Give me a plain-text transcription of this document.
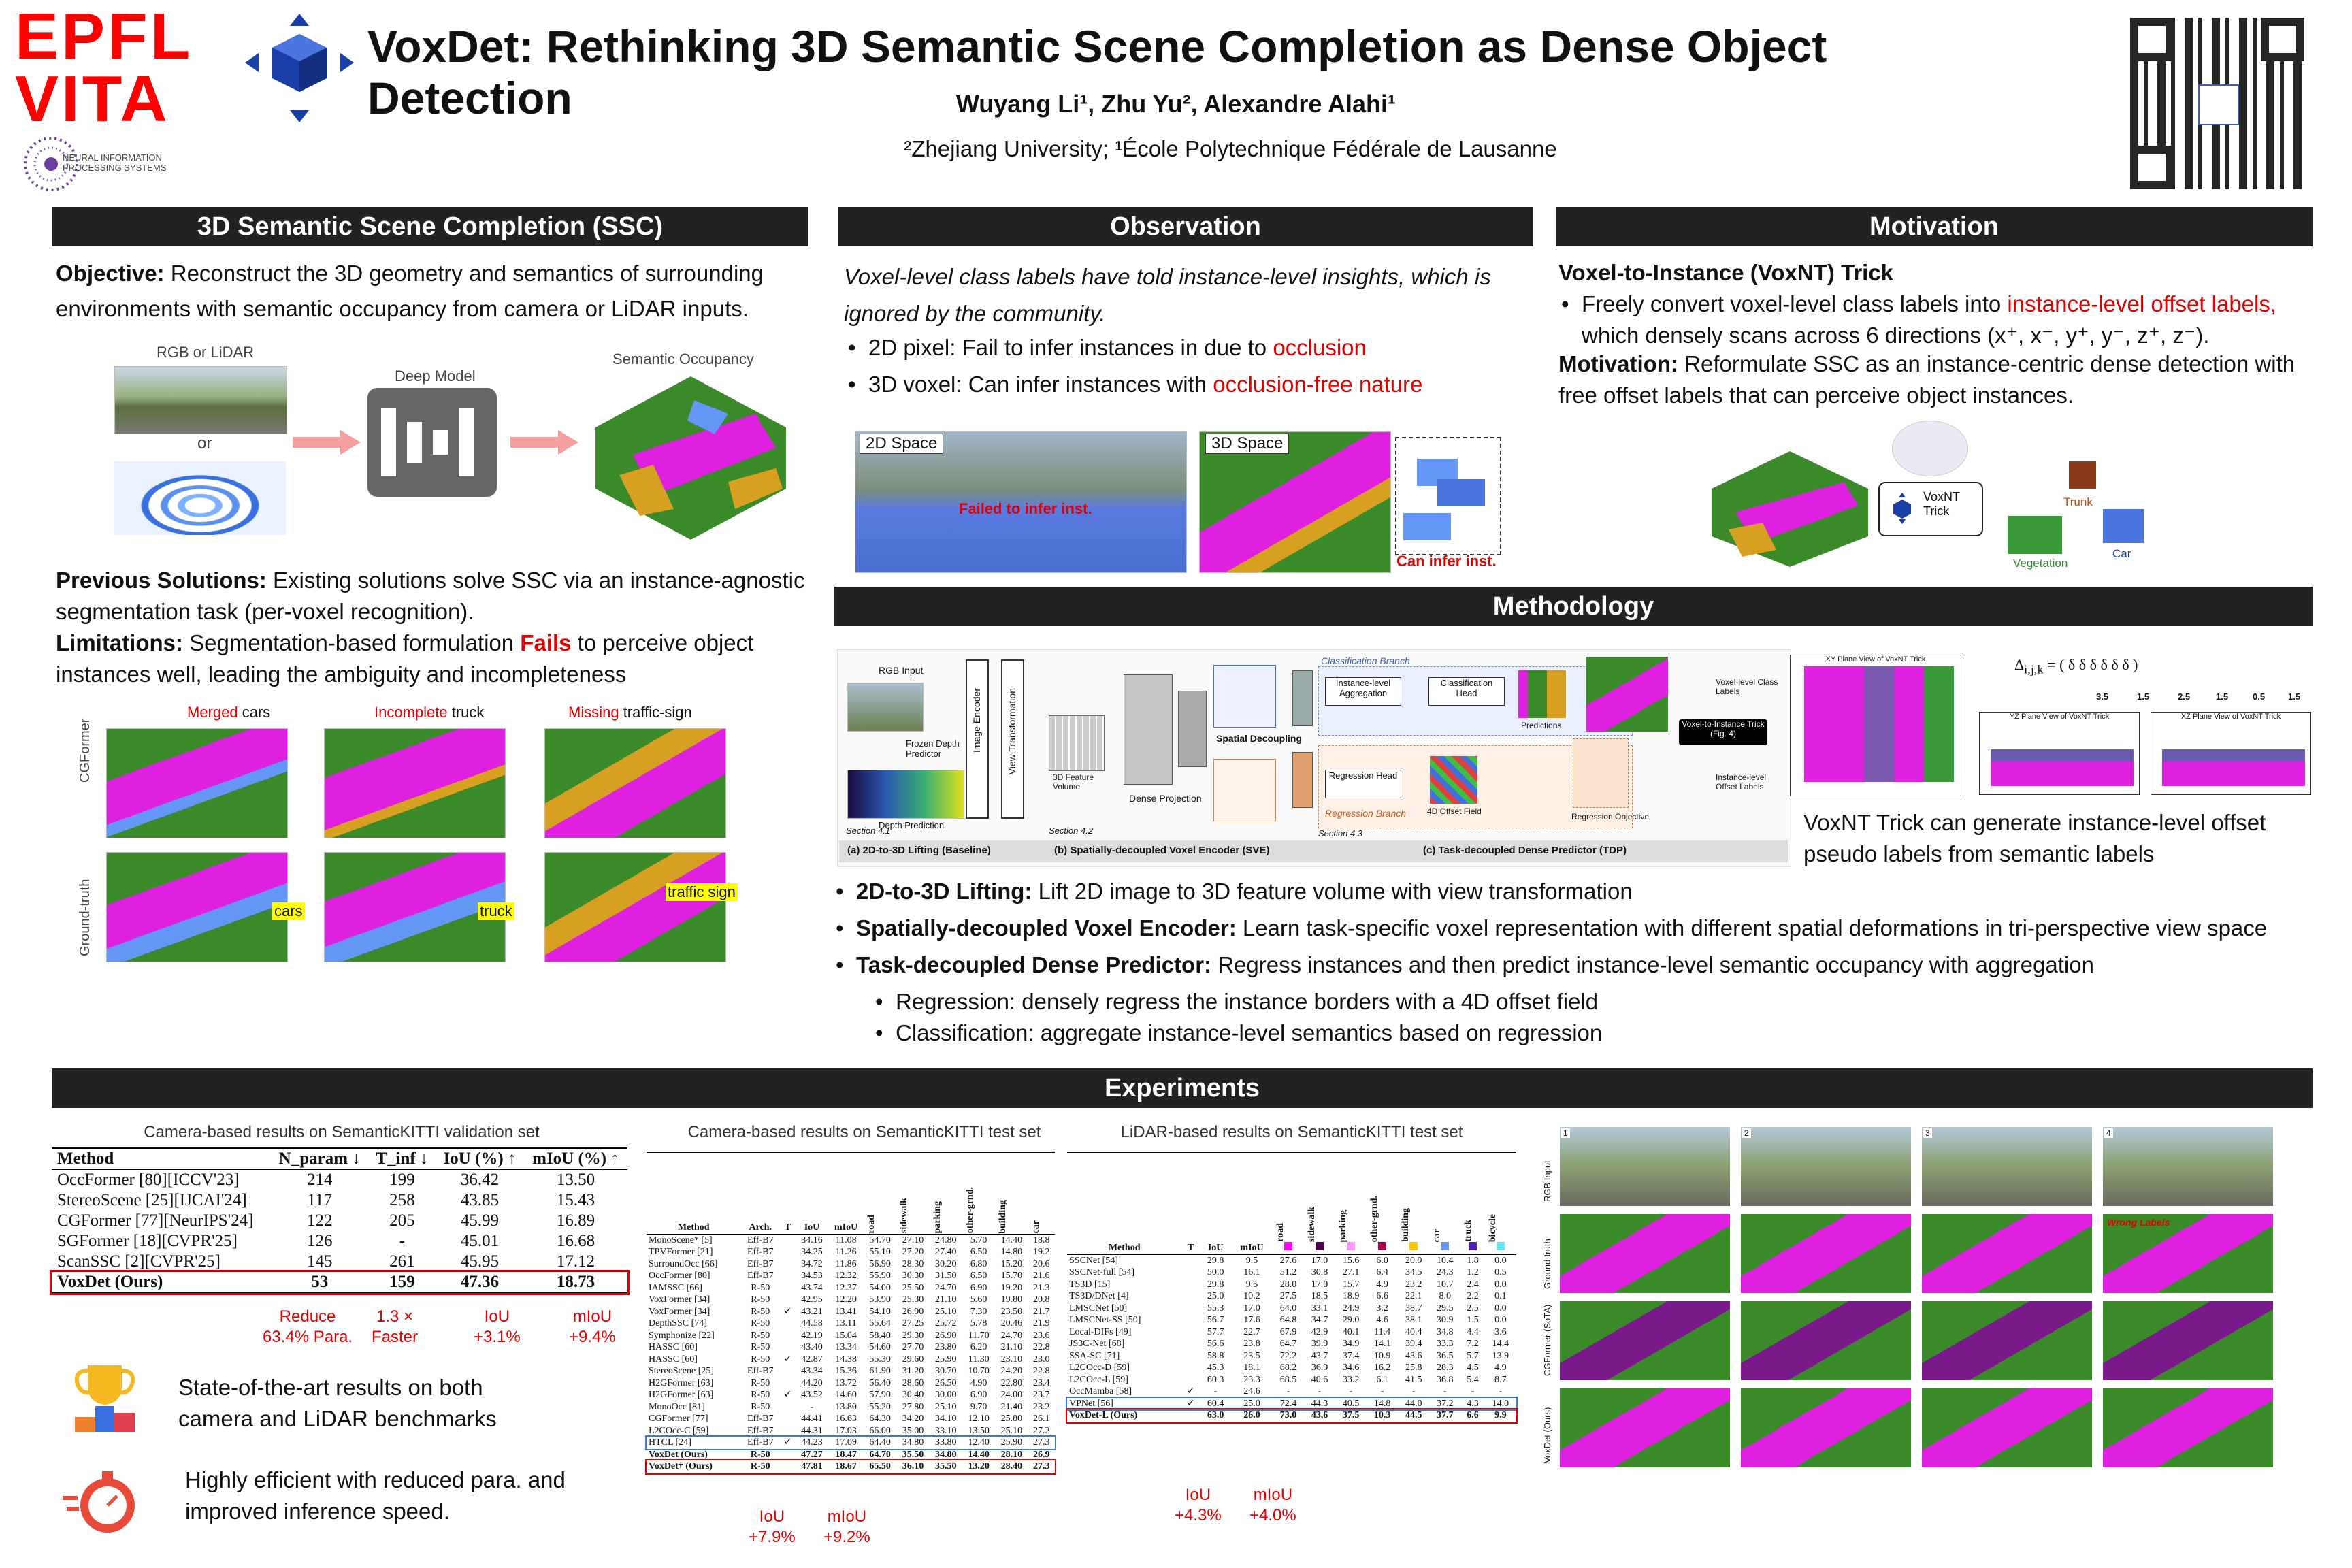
EPFL
VITA
NEURAL INFORMATION PROCESSING SYSTEMS
VoxDet: Rethinking 3D Semantic Scene Completion as Dense Object Detection	Wuyang Li¹, Zhu Yu², Alexandre Alahi¹
²Zhejiang University; ¹École Polytechnique Fédérale de Lausanne
3D Semantic Scene Completion (SSC)
Objective: Reconstruct the 3D geometry and semantics of surrounding environments with semantic occupancy from camera or LiDAR inputs.
RGB or LiDAR
or
Deep Model
Semantic Occupancy
Previous Solutions: Existing solutions solve SSC via an instance-agnostic segmentation task (per-voxel recognition).
Limitations: Segmentation-based formulation Fails to perceive object instances well, leading the ambiguity and incompleteness
Merged cars	Incomplete truck	Missing traffic-sign
CGFormer
Ground-truth	cars	truck
traffic sign
Observation
Voxel-level class labels have told instance-level insights, which is ignored by the community.
2D pixel: Fail to infer instances in due to occlusion
3D voxel: Can infer instances with occlusion-free nature
2D Space
Failed to infer inst.
3D Space
Can infer inst.
Motivation
Voxel-to-Instance (VoxNT) Trick
Freely convert voxel-level class labels into instance-level offset labels, which densely scans across 6 directions (x⁺, x⁻, y⁺, y⁻, z⁺, z⁻).
Motivation: Reformulate SSC as an instance-centric dense detection with free offset labels that can perceive object instances.
VoxNT Trick
Trunk
Vegetation
Car
Methodology
RGB Input
Frozen Depth Predictor
Depth Prediction
Image Encoder	View Transformation
3D Feature Volume
Dense Projection
Spatial Decoupling
Classification Branch
Instance-level Aggregation
Classification Head
Predictions
Regression Head
Regression Branch	4D Offset Field
Regression Objective
Voxel-to-Instance Trick (Fig. 4)
Voxel-level Class Labels
Instance-level Offset Labels
Section 4.1	Section 4.2	Section 4.3
(a) 2D-to-3D Lifting (Baseline)	(b) Spatially-decoupled Voxel Encoder (SVE)	(c) Task-decoupled Dense Predictor (TDP)
XY Plane View of VoxNT Trick	$\Delta_{i,j,k}$ = ( δ δ δ δ δ δ )
3.5	1.5	2.5	1.5	0.5	1.5
YZ Plane View of VoxNT Trick	XZ Plane View of VoxNT Trick
VoxNT Trick can generate instance-level offset pseudo labels from semantic labels
2D-to-3D Lifting: Lift 2D image to 3D feature volume with view transformation
Spatially-decoupled Voxel Encoder: Learn task-specific voxel representation with different spatial deformations in tri-perspective view space
Task-decoupled Dense Predictor: Regress instances and then predict instance-level semantic occupancy with aggregation
Regression: densely regress the instance borders with a 4D offset field
Classification: aggregate instance-level semantics based on regression
Experiments
Camera-based results on SemanticKITTI validation set
Method	N_param ↓	T_inf ↓	IoU (%) ↑	mIoU (%) ↑
OccFormer [80][ICCV'23]	214	199	36.42	13.50
StereoScene [25][IJCAI'24]	117	258	43.85	15.43
CGFormer [77][NeurIPS'24]	122	205	45.99	16.89
SGFormer [18][CVPR'25]	126	-	45.01	16.68
ScanSSC [2][CVPR'25]	145	261	45.95	17.12
VoxDet (Ours)	53	159	47.36	18.73
Reduce
63.4% Para.
1.3 ×
Faster
IoU
+3.1%
mIoU
+9.4%
State-of-the-art results on both camera and LiDAR benchmarks
Highly efficient with reduced para. and improved inference speed.
Camera-based results on SemanticKITTI test set
Method	Arch.	T	IoU	mIoU	road	sidewalk	parking	other-grnd.	building	car

MonoScene* [5]	Eff-B7		34.16	11.08	54.70	27.10	24.80	5.70	14.40	18.8
TPVFormer [21]	Eff-B7		34.25	11.26	55.10	27.20	27.40	6.50	14.80	19.2
SurroundOcc [66]	Eff-B7		34.72	11.86	56.90	28.30	30.20	6.80	15.20	20.6
OccFormer [80]	Eff-B7		34.53	12.32	55.90	30.30	31.50	6.50	15.70	21.6
IAMSSC [66]	R-50		43.74	12.37	54.00	25.50	24.70	6.90	19.20	21.3
VoxFormer [34]	R-50		42.95	12.20	53.90	25.30	21.10	5.60	19.80	20.8
VoxFormer [34]	R-50	✓	43.21	13.41	54.10	26.90	25.10	7.30	23.50	21.7
DepthSSC [74]	R-50		44.58	13.11	55.64	27.25	25.72	5.78	20.46	21.9
Symphonize [22]	R-50		42.19	15.04	58.40	29.30	26.90	11.70	24.70	23.6
HASSC [60]	R-50		43.40	13.34	54.60	27.70	23.80	6.20	21.10	22.8
HASSC [60]	R-50	✓	42.87	14.38	55.30	29.60	25.90	11.30	23.10	23.0
StereoScene [25]	Eff-B7		43.34	15.36	61.90	31.20	30.70	10.70	24.20	22.8
H2GFormer [63]	R-50		44.20	13.72	56.40	28.60	26.50	4.90	22.80	23.4
H2GFormer [63]	R-50	✓	43.52	14.60	57.90	30.40	30.00	6.90	24.00	23.7
MonoOcc [81]	R-50		-	13.80	55.20	27.80	25.10	9.70	21.40	23.2
CGFormer [77]	Eff-B7		44.41	16.63	64.30	34.20	34.10	12.10	25.80	26.1
L2COcc-C [59]	Eff-B7		44.31	17.03	66.00	35.00	33.10	13.50	25.10	27.2
HTCL [24]	Eff-B7	✓	44.23	17.09	64.40	34.80	33.80	12.40	25.90	27.3
VoxDet (Ours)	R-50		47.27	18.47	64.70	35.50	34.80	14.40	28.10	26.9
VoxDet† (Ours)	R-50		47.81	18.67	65.50	36.10	35.50	13.20	28.40	27.3
IoU
+7.9%
mIoU
+9.2%
LiDAR-based results on SemanticKITTI test set
Method	T	IoU	mIoU	road	sidewalk	parking	other-grnd.	building	car	truck	bicycle

SSCNet [54]		29.8	9.5	27.6	17.0	15.6	6.0	20.9	10.4	1.8	0.0
SSCNet-full [54]		50.0	16.1	51.2	30.8	27.1	6.4	34.5	24.3	1.2	0.5
TS3D [15]		29.8	9.5	28.0	17.0	15.7	4.9	23.2	10.7	2.4	0.0
TS3D/DNet [4]		25.0	10.2	27.5	18.5	18.9	6.6	22.1	8.0	2.2	0.1
LMSCNet [50]		55.3	17.0	64.0	33.1	24.9	3.2	38.7	29.5	2.5	0.0
LMSCNet-SS [50]		56.7	17.6	64.8	34.7	29.0	4.6	38.1	30.9	1.5	0.0
Local-DIFs [49]		57.7	22.7	67.9	42.9	40.1	11.4	40.4	34.8	4.4	3.6
JS3C-Net [68]		56.6	23.8	64.7	39.9	34.9	14.1	39.4	33.3	7.2	14.4
SSA-SC [71]		58.8	23.5	72.2	43.7	37.4	10.9	43.6	36.5	5.7	13.9
L2COcc-D [59]		45.3	18.1	68.2	36.9	34.6	16.2	25.8	28.3	4.5	4.9
L2COcc-L [59]		60.3	23.3	68.5	40.6	33.2	6.1	41.5	36.8	5.4	8.7
OccMamba [58]	✓	-	24.6	-	-	-	-	-	-	-	-
VPNet [56]	✓	60.4	25.0	72.4	44.3	40.5	14.8	44.0	37.2	4.3	14.0
VoxDet-L (Ours)		63.0	26.0	73.0	43.6	37.5	10.3	44.5	37.7	6.6	9.9
IoU
+4.3%
mIoU
+4.0%
RGB Input
1	2	3	4
Ground-truth
Wrong Labels
CGFormer (SoTA)
VoxDet (Ours)
